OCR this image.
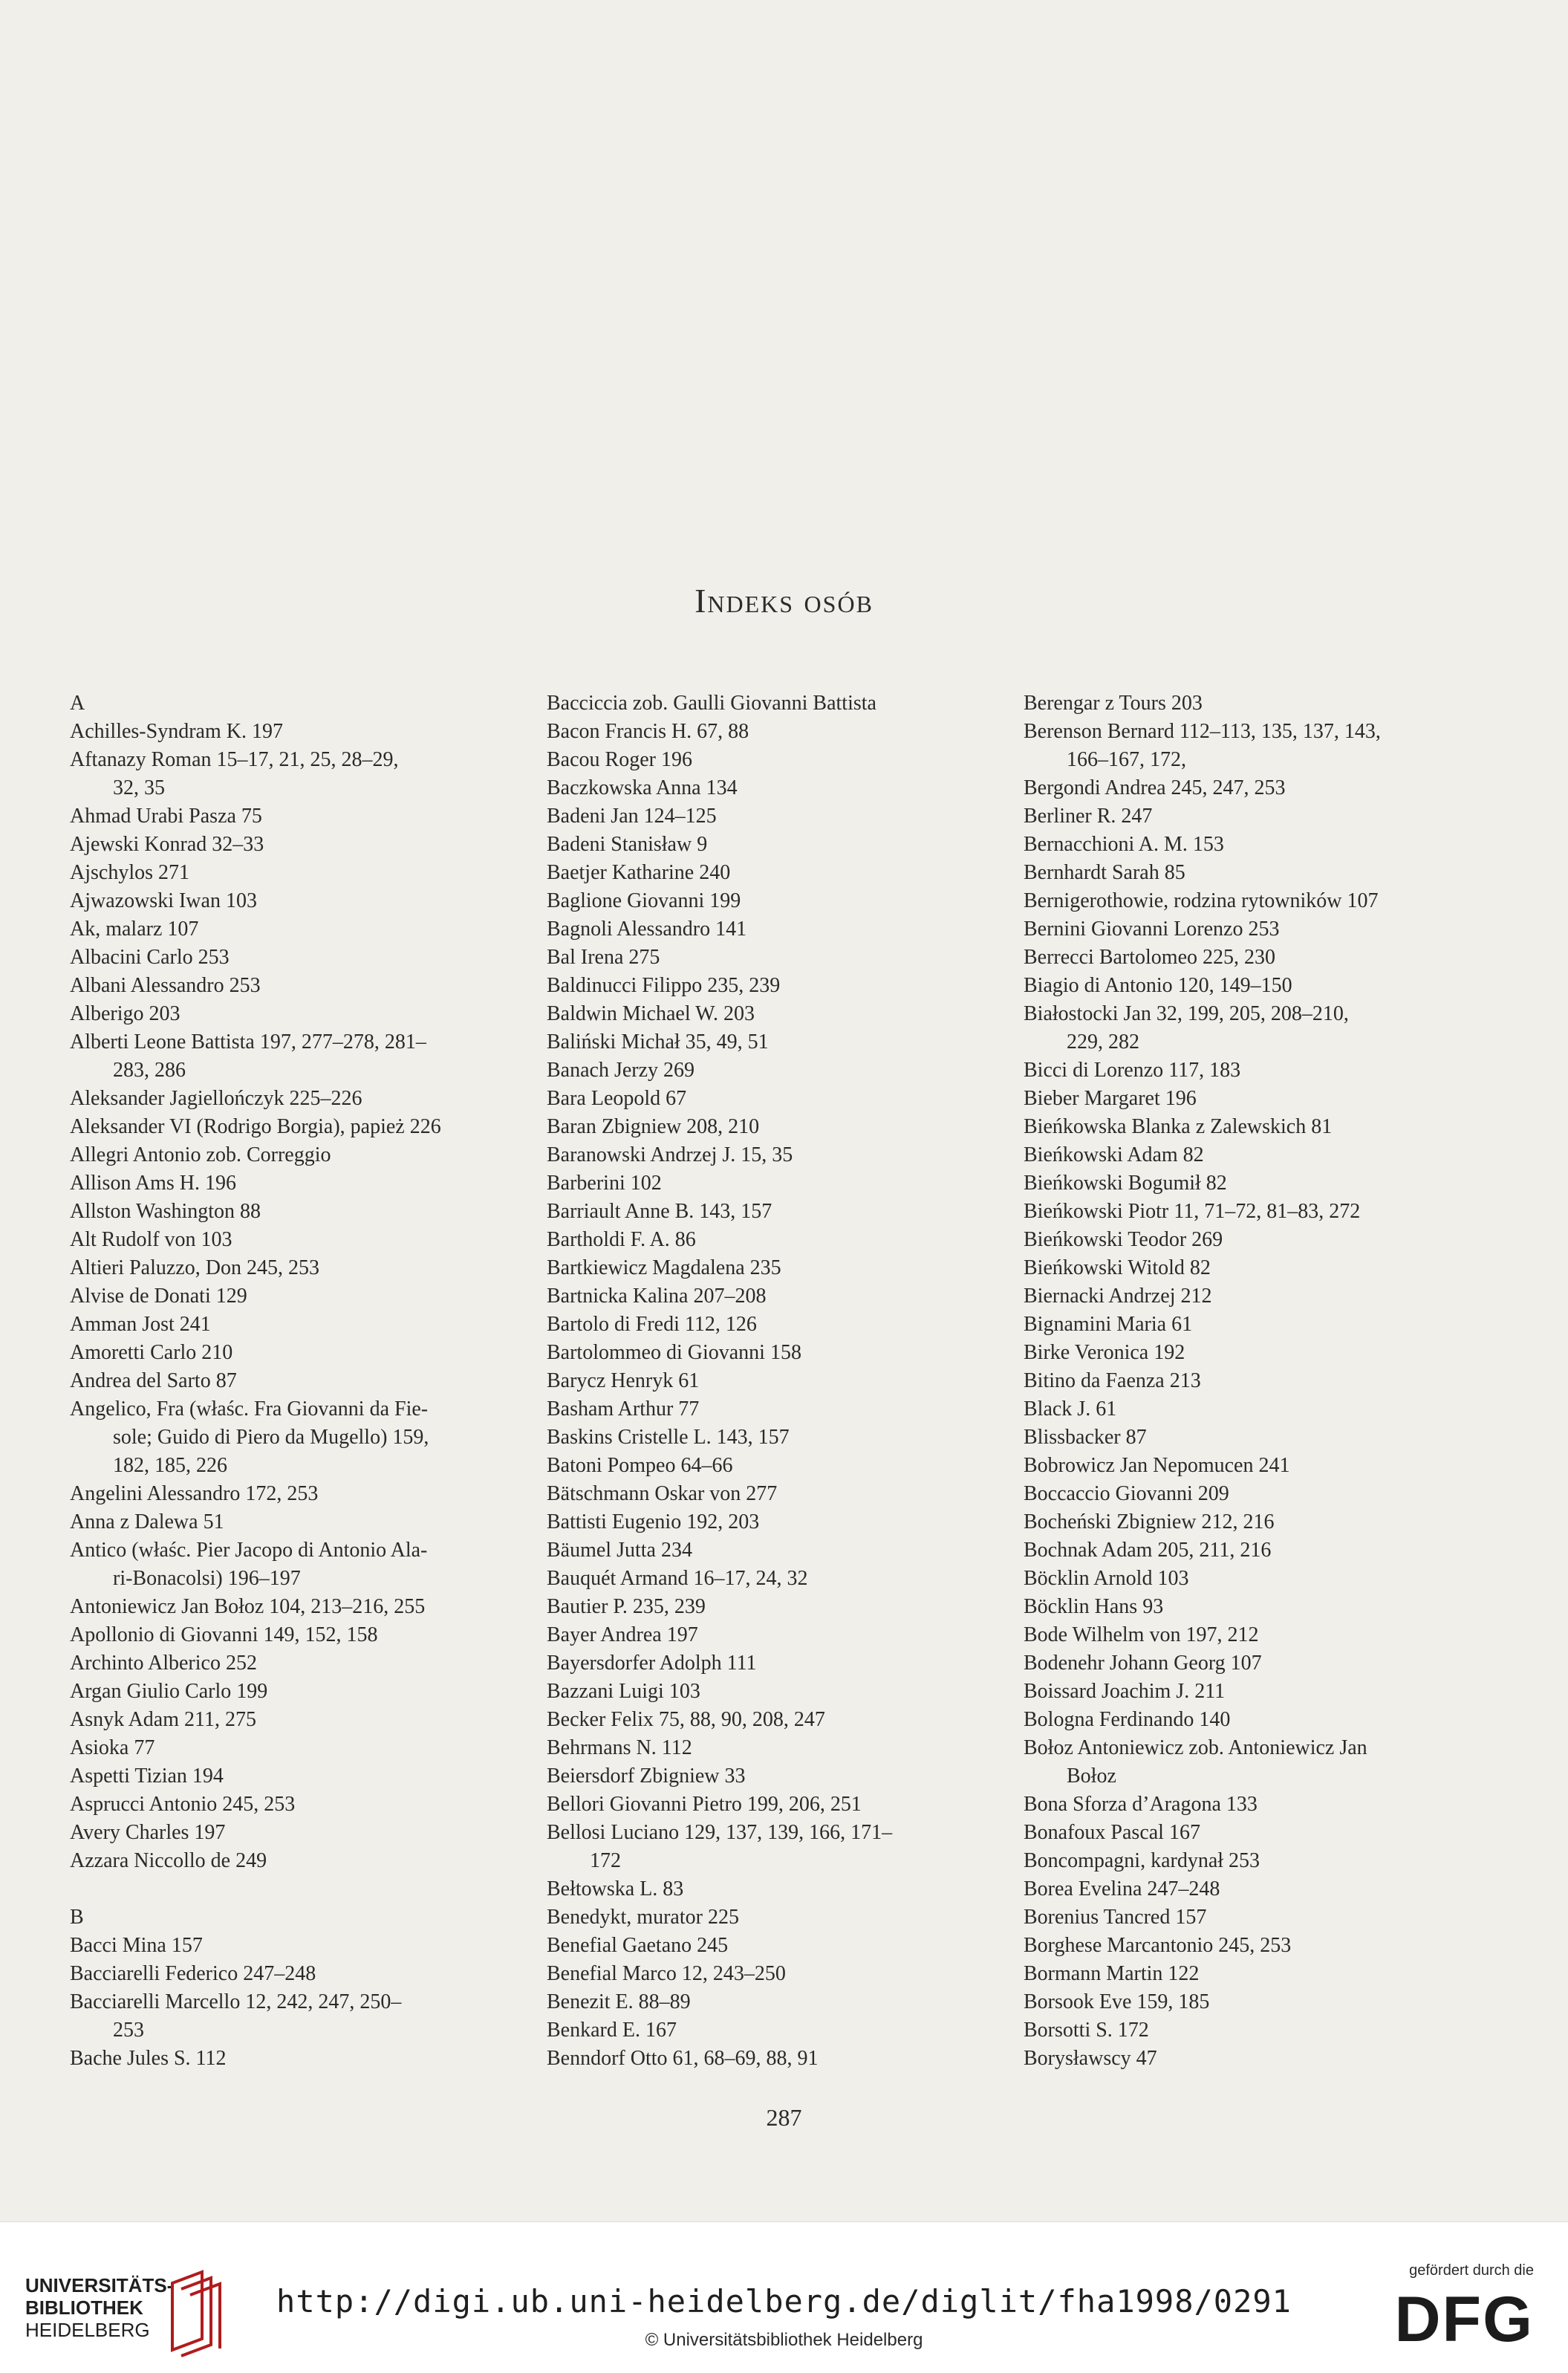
Indeks osób
A
Achilles-Syndram K. 197
Aftanazy Roman 15–17, 21, 25, 28–29,
32, 35
Ahmad Urabi Pasza 75
Ajewski Konrad 32–33
Ajschylos 271
Ajwazowski Iwan 103
Ak, malarz 107
Albacini Carlo 253
Albani Alessandro 253
Alberigo 203
Alberti Leone Battista 197, 277–278, 281–
283, 286
Aleksander Jagiellończyk 225–226
Aleksander VI (Rodrigo Borgia), papież 226
Allegri Antonio zob. Correggio
Allison Ams H. 196
Allston Washington 88
Alt Rudolf von 103
Altieri Paluzzo, Don 245, 253
Alvise de Donati 129
Amman Jost 241
Amoretti Carlo 210
Andrea del Sarto 87
Angelico, Fra (właśc. Fra Giovanni da Fie-
sole; Guido di Piero da Mugello) 159,
182, 185, 226
Angelini Alessandro 172, 253
Anna z Dalewa 51
Antico (właśc. Pier Jacopo di Antonio Ala-
ri-Bonacolsi) 196–197
Antoniewicz Jan Bołoz 104, 213–216, 255
Apollonio di Giovanni 149, 152, 158
Archinto Alberico 252
Argan Giulio Carlo 199
Asnyk Adam 211, 275
Asioka 77
Aspetti Tizian 194
Asprucci Antonio 245, 253
Avery Charles 197
Azzara Niccollo de 249
B
Bacci Mina 157
Bacciarelli Federico 247–248
Bacciarelli Marcello 12, 242, 247, 250–
253
Bache Jules S. 112
Bacciccia zob. Gaulli Giovanni Battista
Bacon Francis H. 67, 88
Bacou Roger 196
Baczkowska Anna 134
Badeni Jan 124–125
Badeni Stanisław 9
Baetjer Katharine 240
Baglione Giovanni 199
Bagnoli Alessandro 141
Bal Irena 275
Baldinucci Filippo 235, 239
Baldwin Michael W. 203
Baliński Michał 35, 49, 51
Banach Jerzy 269
Bara Leopold 67
Baran Zbigniew 208, 210
Baranowski Andrzej J. 15, 35
Barberini 102
Barriault Anne B. 143, 157
Bartholdi F. A. 86
Bartkiewicz Magdalena 235
Bartnicka Kalina 207–208
Bartolo di Fredi 112, 126
Bartolommeo di Giovanni 158
Barycz Henryk 61
Basham Arthur 77
Baskins Cristelle L. 143, 157
Batoni Pompeo 64–66
Bätschmann Oskar von 277
Battisti Eugenio 192, 203
Bäumel Jutta 234
Bauquét Armand 16–17, 24, 32
Bautier P. 235, 239
Bayer Andrea 197
Bayersdorfer Adolph 111
Bazzani Luigi 103
Becker Felix 75, 88, 90, 208, 247
Behrmans N. 112
Beiersdorf Zbigniew 33
Bellori Giovanni Pietro 199, 206, 251
Bellosi Luciano 129, 137, 139, 166, 171–
172
Bełtowska L. 83
Benedykt, murator 225
Benefial Gaetano 245
Benefial Marco 12, 243–250
Benezit E. 88–89
Benkard E. 167
Benndorf Otto 61, 68–69, 88, 91
Berengar z Tours 203
Berenson Bernard 112–113, 135, 137, 143,
166–167, 172,
Bergondi Andrea 245, 247, 253
Berliner R. 247
Bernacchioni A. M. 153
Bernhardt Sarah 85
Bernigerothowie, rodzina rytowników 107
Bernini Giovanni Lorenzo 253
Berrecci Bartolomeo 225, 230
Biagio di Antonio 120, 149–150
Białostocki Jan 32, 199, 205, 208–210,
229, 282
Bicci di Lorenzo 117, 183
Bieber Margaret 196
Bieńkowska Blanka z Zalewskich 81
Bieńkowski Adam 82
Bieńkowski Bogumił 82
Bieńkowski Piotr 11, 71–72, 81–83, 272
Bieńkowski Teodor 269
Bieńkowski Witold 82
Biernacki Andrzej 212
Bignamini Maria 61
Birke Veronica 192
Bitino da Faenza 213
Black J. 61
Blissbacker 87
Bobrowicz Jan Nepomucen 241
Boccaccio Giovanni 209
Bocheński Zbigniew 212, 216
Bochnak Adam 205, 211, 216
Böcklin Arnold 103
Böcklin Hans 93
Bode Wilhelm von 197, 212
Bodenehr Johann Georg 107
Boissard Joachim J. 211
Bologna Ferdinando 140
Bołoz Antoniewicz zob. Antoniewicz Jan
Bołoz
Bona Sforza d’Aragona 133
Bonafoux Pascal 167
Boncompagni, kardynał 253
Borea Evelina 247–248
Borenius Tancred 157
Borghese Marcantonio 245, 253
Bormann Martin 122
Borsook Eve 159, 185
Borsotti S. 172
Borysławscy 47
287
UNIVERSITÄTS-
BIBLIOTHEK
HEIDELBERG
http://digi.ub.uni-heidelberg.de/diglit/fha1998/0291
© Universitätsbibliothek Heidelberg
gefördert durch die
DFG
